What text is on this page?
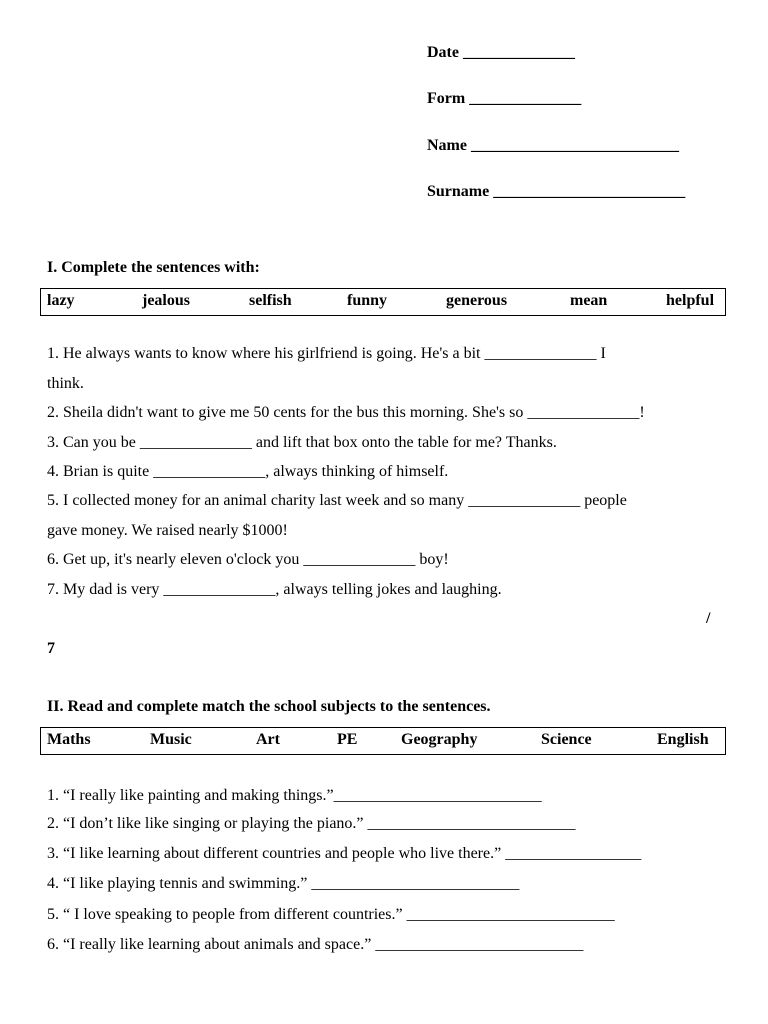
Date ______________
Form ______________
Name __________________________
Surname ________________________
I. Complete the sentences with:
lazy	jealous	selfish	funny	generous	mean	helpful
1. He always wants to know where his girlfriend is going. He's a bit ______________ I
think.
2. Sheila didn't want to give me 50 cents for the bus this morning. She's so ______________!
3. Can you be ______________ and lift that box onto the table for me? Thanks.
4. Brian is quite ______________, always thinking of himself.
5. I collected money for an animal charity last week and so many ______________ people
gave money. We raised nearly $1000!
6. Get up, it's nearly eleven o'clock you ______________ boy!
7. My dad is very ______________, always telling jokes and laughing.
/
7
II. Read and complete match the school subjects to the sentences.
Maths	Music	Art	PE	Geography	Science	English
1. “I really like painting and making things.”__________________________
2. “I don’t like like singing or playing the piano.” __________________________
3. “I like learning about different countries and people who live there.” _________________
4. “I like playing tennis and swimming.” __________________________
5. “ I love speaking to people from different countries.” __________________________
6. “I really like learning about animals and space.” __________________________
